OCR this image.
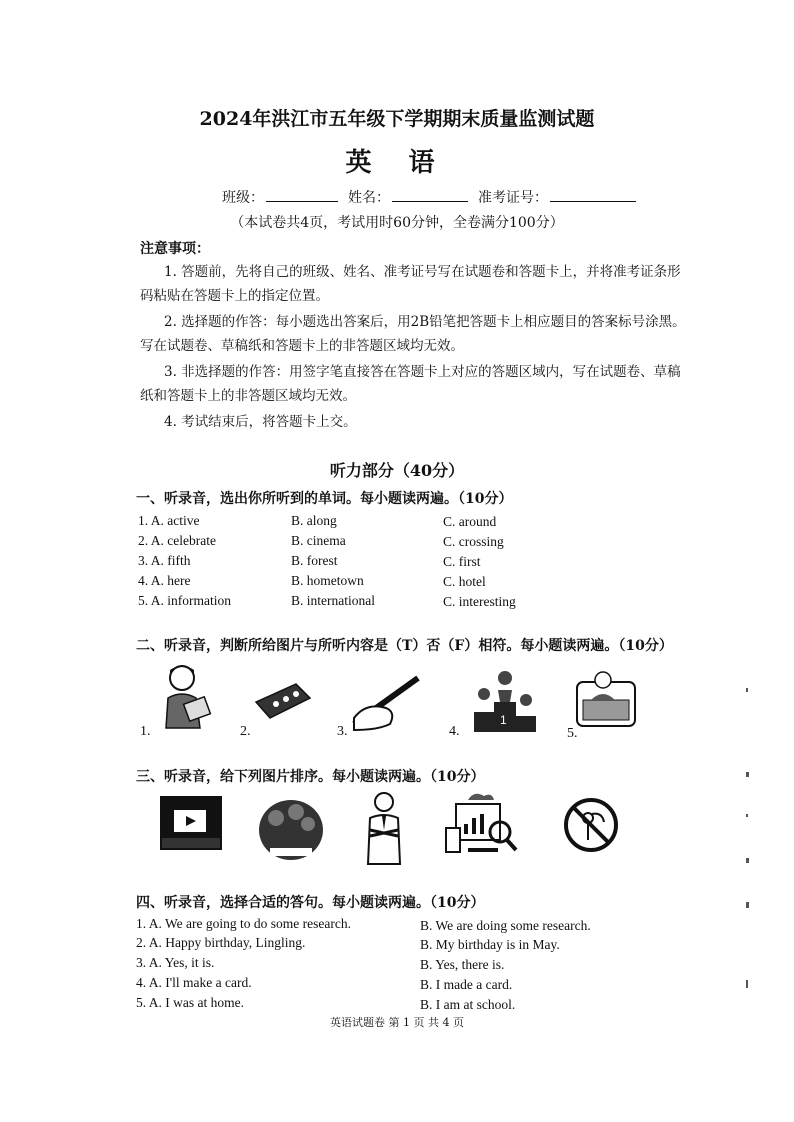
2024年洪江市五年级下学期期末质量监测试题
英 语
班级：	姓名：	准考证号：
（本试卷共4页，考试用时60分钟，全卷满分100分）
注意事项：
1. 答题前，先将自己的班级、姓名、准考证号写在试题卷和答题卡上，并将准考证条形码粘贴在答题卡上的指定位置。
2. 选择题的作答：每小题选出答案后，用2B铅笔把答题卡上相应题目的答案标号涂黑。写在试题卷、草稿纸和答题卡上的非答题区域均无效。
3. 非选择题的作答：用签字笔直接答在答题卡上对应的答题区域内，写在试题卷、草稿纸和答题卡上的非答题区域均无效。
4. 考试结束后，将答题卡上交。
听力部分（40分）
一、听录音，选出你所听到的单词。每小题读两遍。（10分）
1. A. active	B. along	C. around
2. A. celebrate	B. cinema	C. crossing
3. A. fifth	B. forest	C. first
4. A. here	B. hometown	C. hotel
5. A. information	B. international	C. interesting
二、听录音，判断所给图片与所听内容是（T）否（F）相符。每小题读两遍。（10分）
1
1.	2.	3.	4.	5.
三、听录音，给下列图片排序。每小题读两遍。（10分）
四、听录音，选择合适的答句。每小题读两遍。（10分）
1. A. We are going to do some research.	B. We are doing some research.
2. A. Happy birthday, Lingling.	B. My birthday is in May.
3. A. Yes, it is.	B. Yes, there is.
4. A. I'll make a card.	B. I made a card.
5. A. I was at home.	B. I am at school.
英语试题卷 第 1 页 共 4 页
